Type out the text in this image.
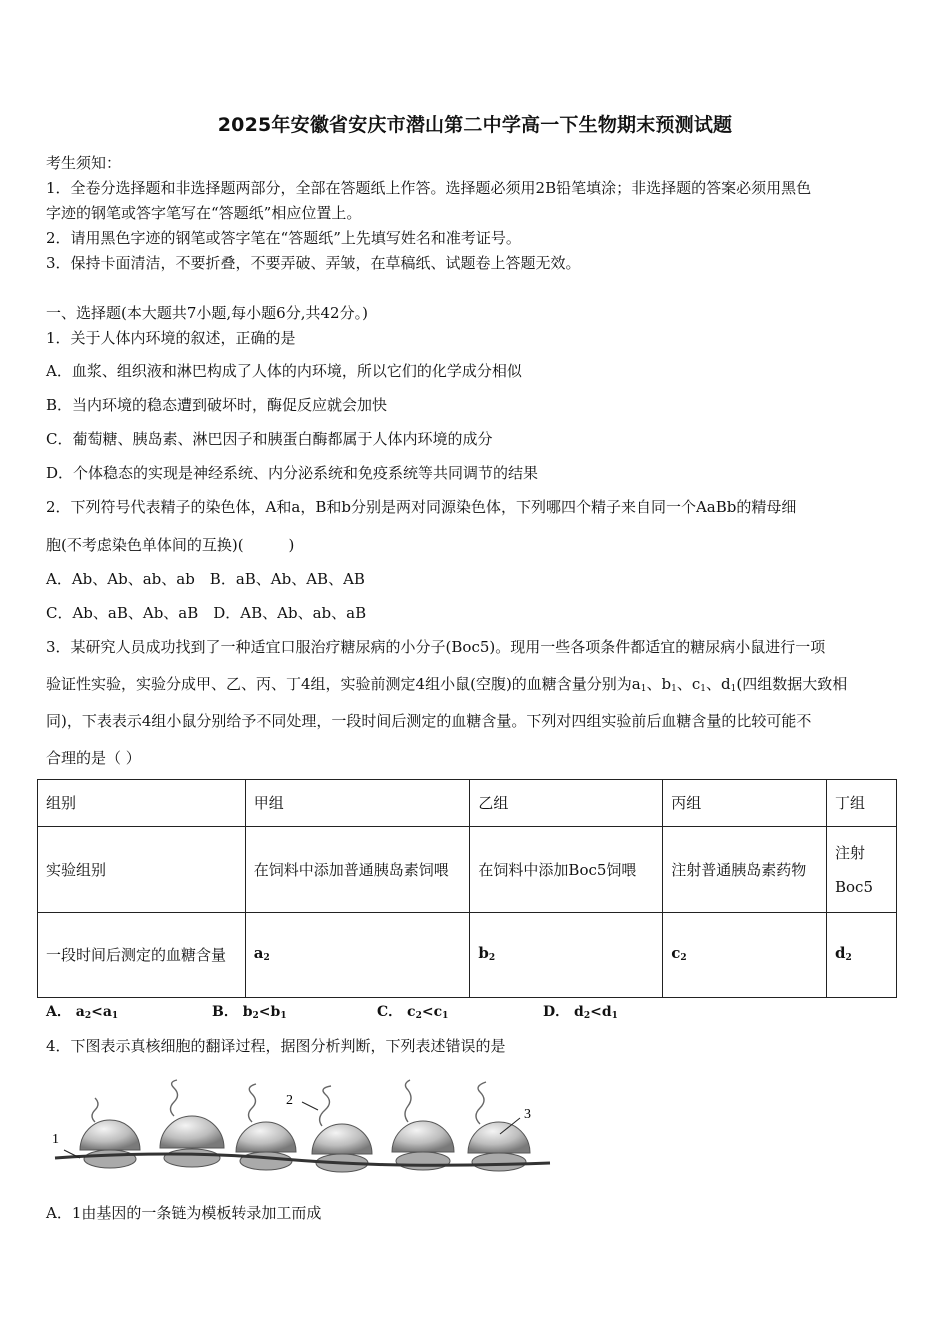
2025年安徽省安庆市潜山第二中学高一下生物期末预测试题
考生须知：
1．全卷分选择题和非选择题两部分，全部在答题纸上作答。选择题必须用2B铅笔填涂；非选择题的答案必须用黑色
字迹的钢笔或答字笔写在“答题纸”相应位置上。
2．请用黑色字迹的钢笔或答字笔在“答题纸”上先填写姓名和准考证号。
3．保持卡面清洁，不要折叠，不要弄破、弄皱，在草稿纸、试题卷上答题无效。
一、选择题(本大题共7小题,每小题6分,共42分。)
1．关于人体内环境的叙述，正确的是
A．血浆、组织液和淋巴构成了人体的内环境，所以它们的化学成分相似
B．当内环境的稳态遭到破坏时，酶促反应就会加快
C．葡萄糖、胰岛素、淋巴因子和胰蛋白酶都属于人体内环境的成分
D．个体稳态的实现是神经系统、内分泌系统和免疫系统等共同调节的结果
2．下列符号代表精子的染色体，A和a，B和b分别是两对同源染色体，下列哪四个精子来自同一个AaBb的精母细
胞(不考虑染色单体间的互换)(　　　)
A．Ab、Ab、ab、ab　B．aB、Ab、AB、AB
C．Ab、aB、Ab、aB　D．AB、Ab、ab、aB
3．某研究人员成功找到了一种适宜口服治疗糖尿病的小分子(Boc5)。现用一些各项条件都适宜的糖尿病小鼠进行一项
验证性实验，实验分成甲、乙、丙、丁4组，实验前测定4组小鼠(空腹)的血糖含量分别为$a_1$、$b_1$、$c_1$、$d_1$(四组数据大致相
同)，下表表示4组小鼠分别给予不同处理，一段时间后测定的血糖含量。下列对四组实验前后血糖含量的比较可能不
合理的是（ ）
组别	甲组	乙组	丙组	丁组
实验组别	在饲料中添加普通胰岛素饲喂	在饲料中添加Boc5饲喂	注射普通胰岛素药物	注射Boc5
一段时间后测定的血糖含量	$a_2$	$b_2$	$c_2$	$d_2$
A． $a_2<a_1$	B． $b_2<b_1$	C． $c_2<c_1$	D． $d_2<d_1$
4．下图表示真核细胞的翻译过程，据图分析判断，下列表述错误的是
1
2
3
A．1由基因的一条链为模板转录加工而成
